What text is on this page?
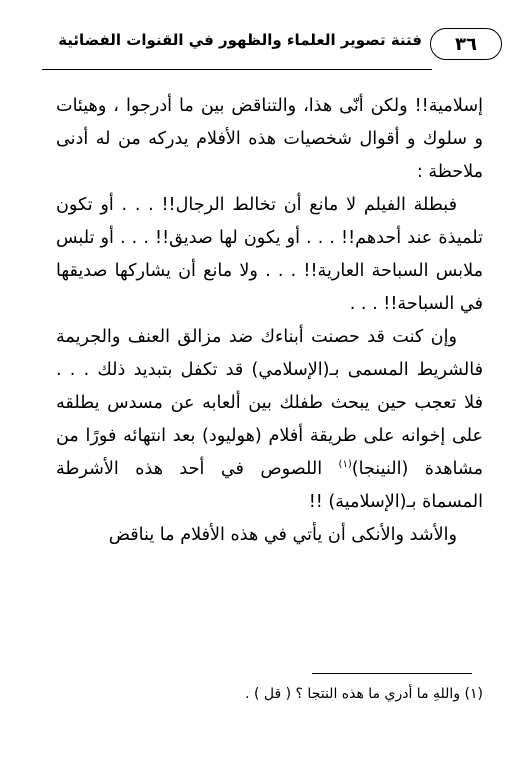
٣٦
فتنة تصوير العلماء والظهور في القنوات الفضائية

إسلامية!! ولكن أنّى هذا، والتناقض بين ما أدرجوا ، وهيئات و سلوك و أقوال شخصيات هذه الأفلام يدركه من له أدنى ملاحظة :

فبطلة الفيلم لا مانع أن تخالط الرجال!! . . . أو تكون تلميذة عند أحدهم!! . . . أو يكون لها صديق!! . . . أو تلبس ملابس السباحة العارية!! . . . ولا مانع أن يشاركها صديقها في السباحة!! . . .

وإن كنت قد حصنت أبناءك ضد مزالق العنف والجريمة فالشريط المسمى بـ(الإسلامي) قد تكفل بتبديد ذلك . . . فلا تعجب حين يبحث طفلك بين ألعابه عن مسدس يطلقه على إخوانه على طريقة أفلام (هوليود) بعد انتهائه فورًا من مشاهدة (النينجا)$^{(١)}$ اللصوص في أحد هذه الأشرطة المسماة بـ(الإسلامية) !!

والأشد والأنكى أن يأتي في هذه الأفلام ما يناقض

(١) واللهِ ما أدري ما هذه النتجا ؟ ( قل ) .
